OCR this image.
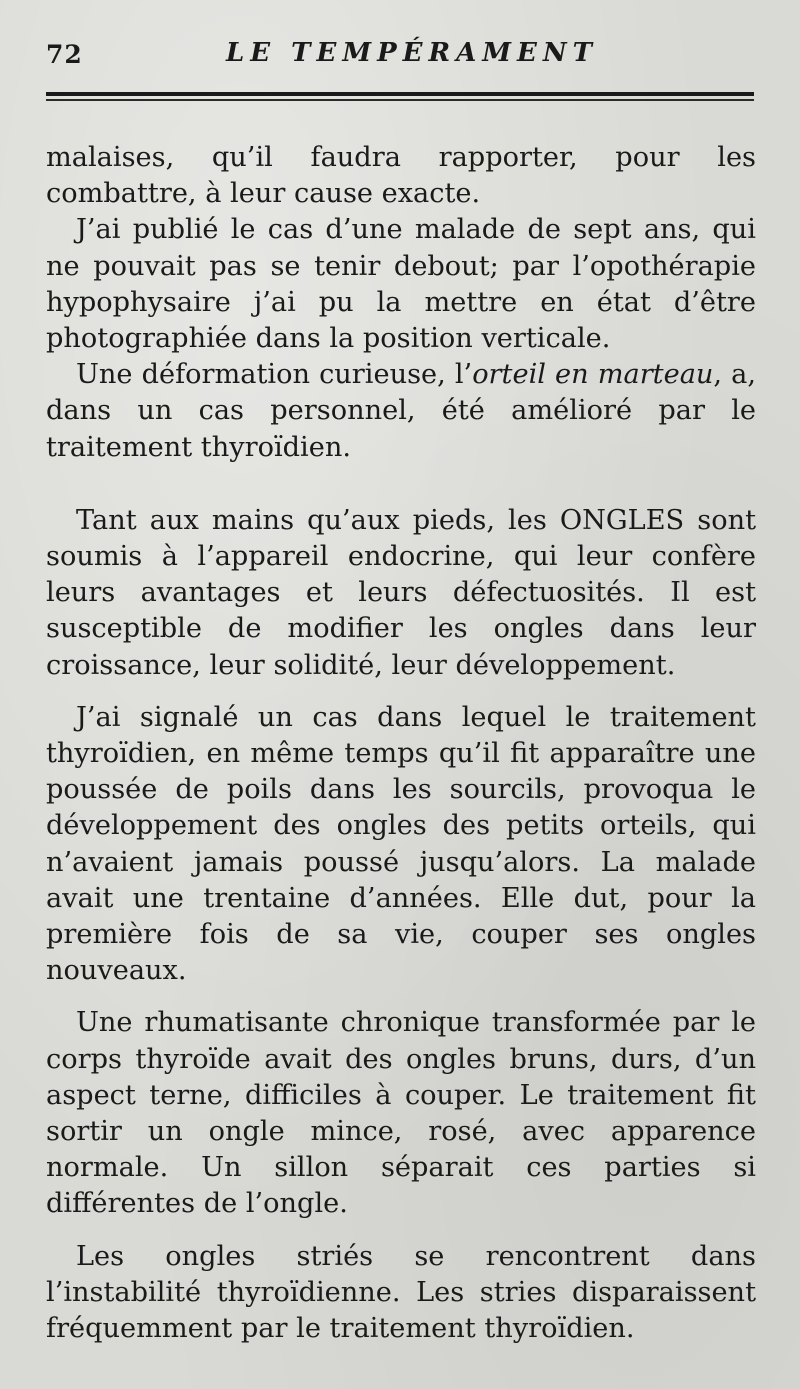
72	LE TEMPÉRAMENT

malaises, qu’il faudra rapporter, pour les combattre, à leur cause exacte.

J’ai publié le cas d’une malade de sept ans, qui ne pouvait pas se tenir debout; par l’opothérapie hypophysaire j’ai pu la mettre en état d’être photographiée dans la position verticale.

Une déformation curieuse, l’orteil en marteau, a, dans un cas personnel, été amélioré par le traitement thyroïdien.

Tant aux mains qu’aux pieds, les ONGLES sont soumis à l’appareil endocrine, qui leur confère leurs avantages et leurs défectuosités. Il est susceptible de modifier les ongles dans leur croissance, leur solidité, leur développement.

J’ai signalé un cas dans lequel le traitement thyroïdien, en même temps qu’il fit apparaître une poussée de poils dans les sourcils, provoqua le développement des ongles des petits orteils, qui n’avaient jamais poussé jusqu’alors. La malade avait une trentaine d’années. Elle dut, pour la première fois de sa vie, couper ses ongles nouveaux.

Une rhumatisante chronique transformée par le corps thyroïde avait des ongles bruns, durs, d’un aspect terne, difficiles à couper. Le traitement fit sortir un ongle mince, rosé, avec apparence normale. Un sillon séparait ces parties si différentes de l’ongle.

Les ongles striés se rencontrent dans l’instabilité thyroïdienne. Les stries disparaissent fréquemment par le traitement thyroïdien.
